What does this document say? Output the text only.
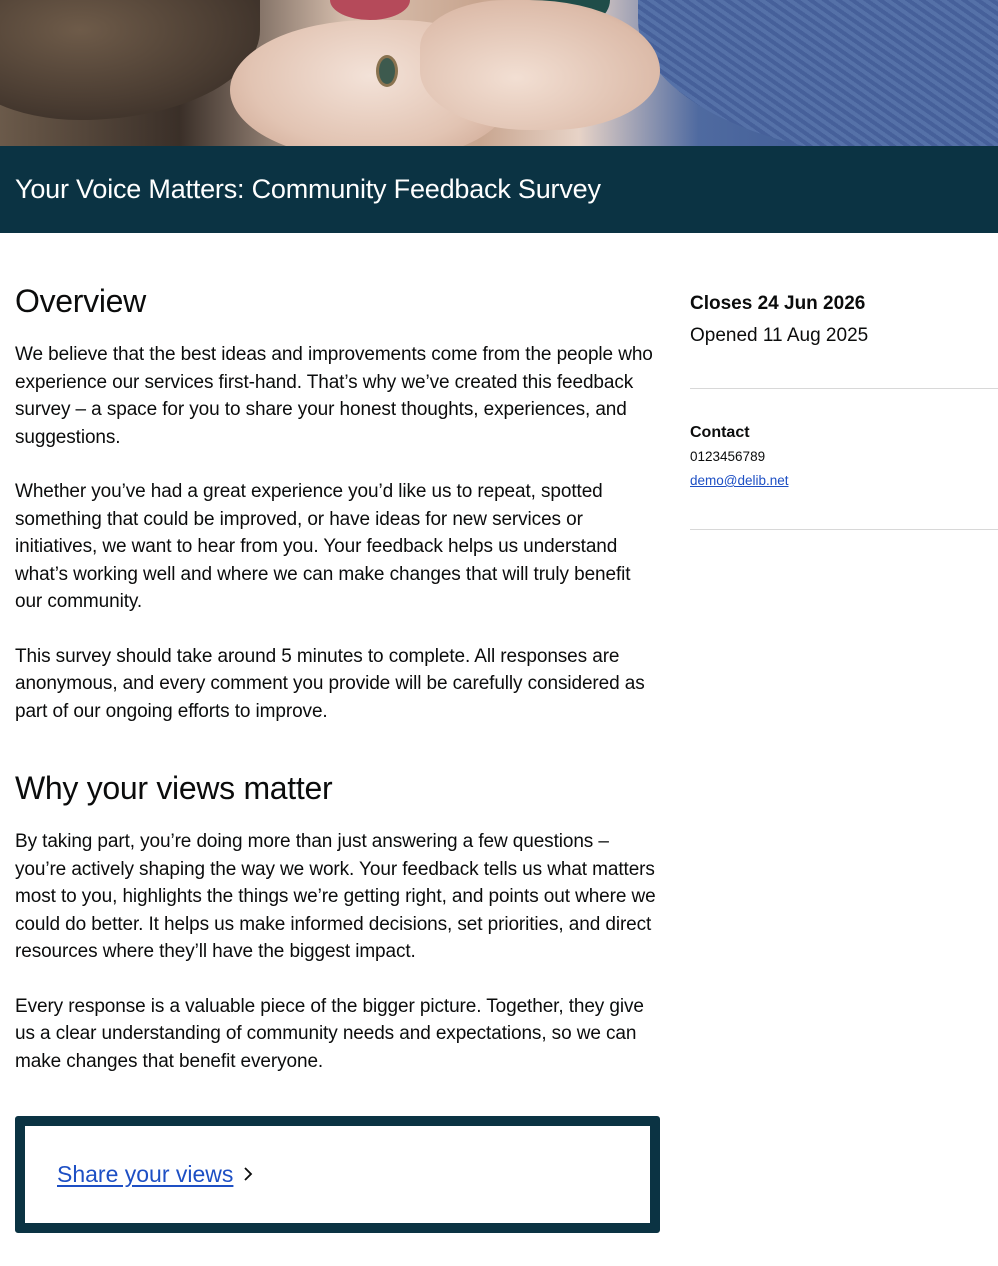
Your Voice Matters: Community Feedback Survey
Overview

We believe that the best ideas and improvements come from the people who experience our services first-hand. That’s why we’ve created this feedback survey – a space for you to share your honest thoughts, experiences, and suggestions.

Whether you’ve had a great experience you’d like us to repeat, spotted something that could be improved, or have ideas for new services or initiatives, we want to hear from you. Your feedback helps us understand what’s working well and where we can make changes that will truly benefit our community.

This survey should take around 5 minutes to complete. All responses are anonymous, and every comment you provide will be carefully considered as part of our ongoing efforts to improve.

Why your views matter

By taking part, you’re doing more than just answering a few questions – you’re actively shaping the way we work. Your feedback tells us what matters most to you, highlights the things we’re getting right, and points out where we could do better. It helps us make informed decisions, set priorities, and direct resources where they’ll have the biggest impact.

Every response is a valuable piece of the bigger picture. Together, they give us a clear understanding of community needs and expectations, so we can make changes that benefit everyone.

Share your views
Closes 24 Jun 2026
Opened 11 Aug 2025
Contact
0123456789
demo@delib.net
